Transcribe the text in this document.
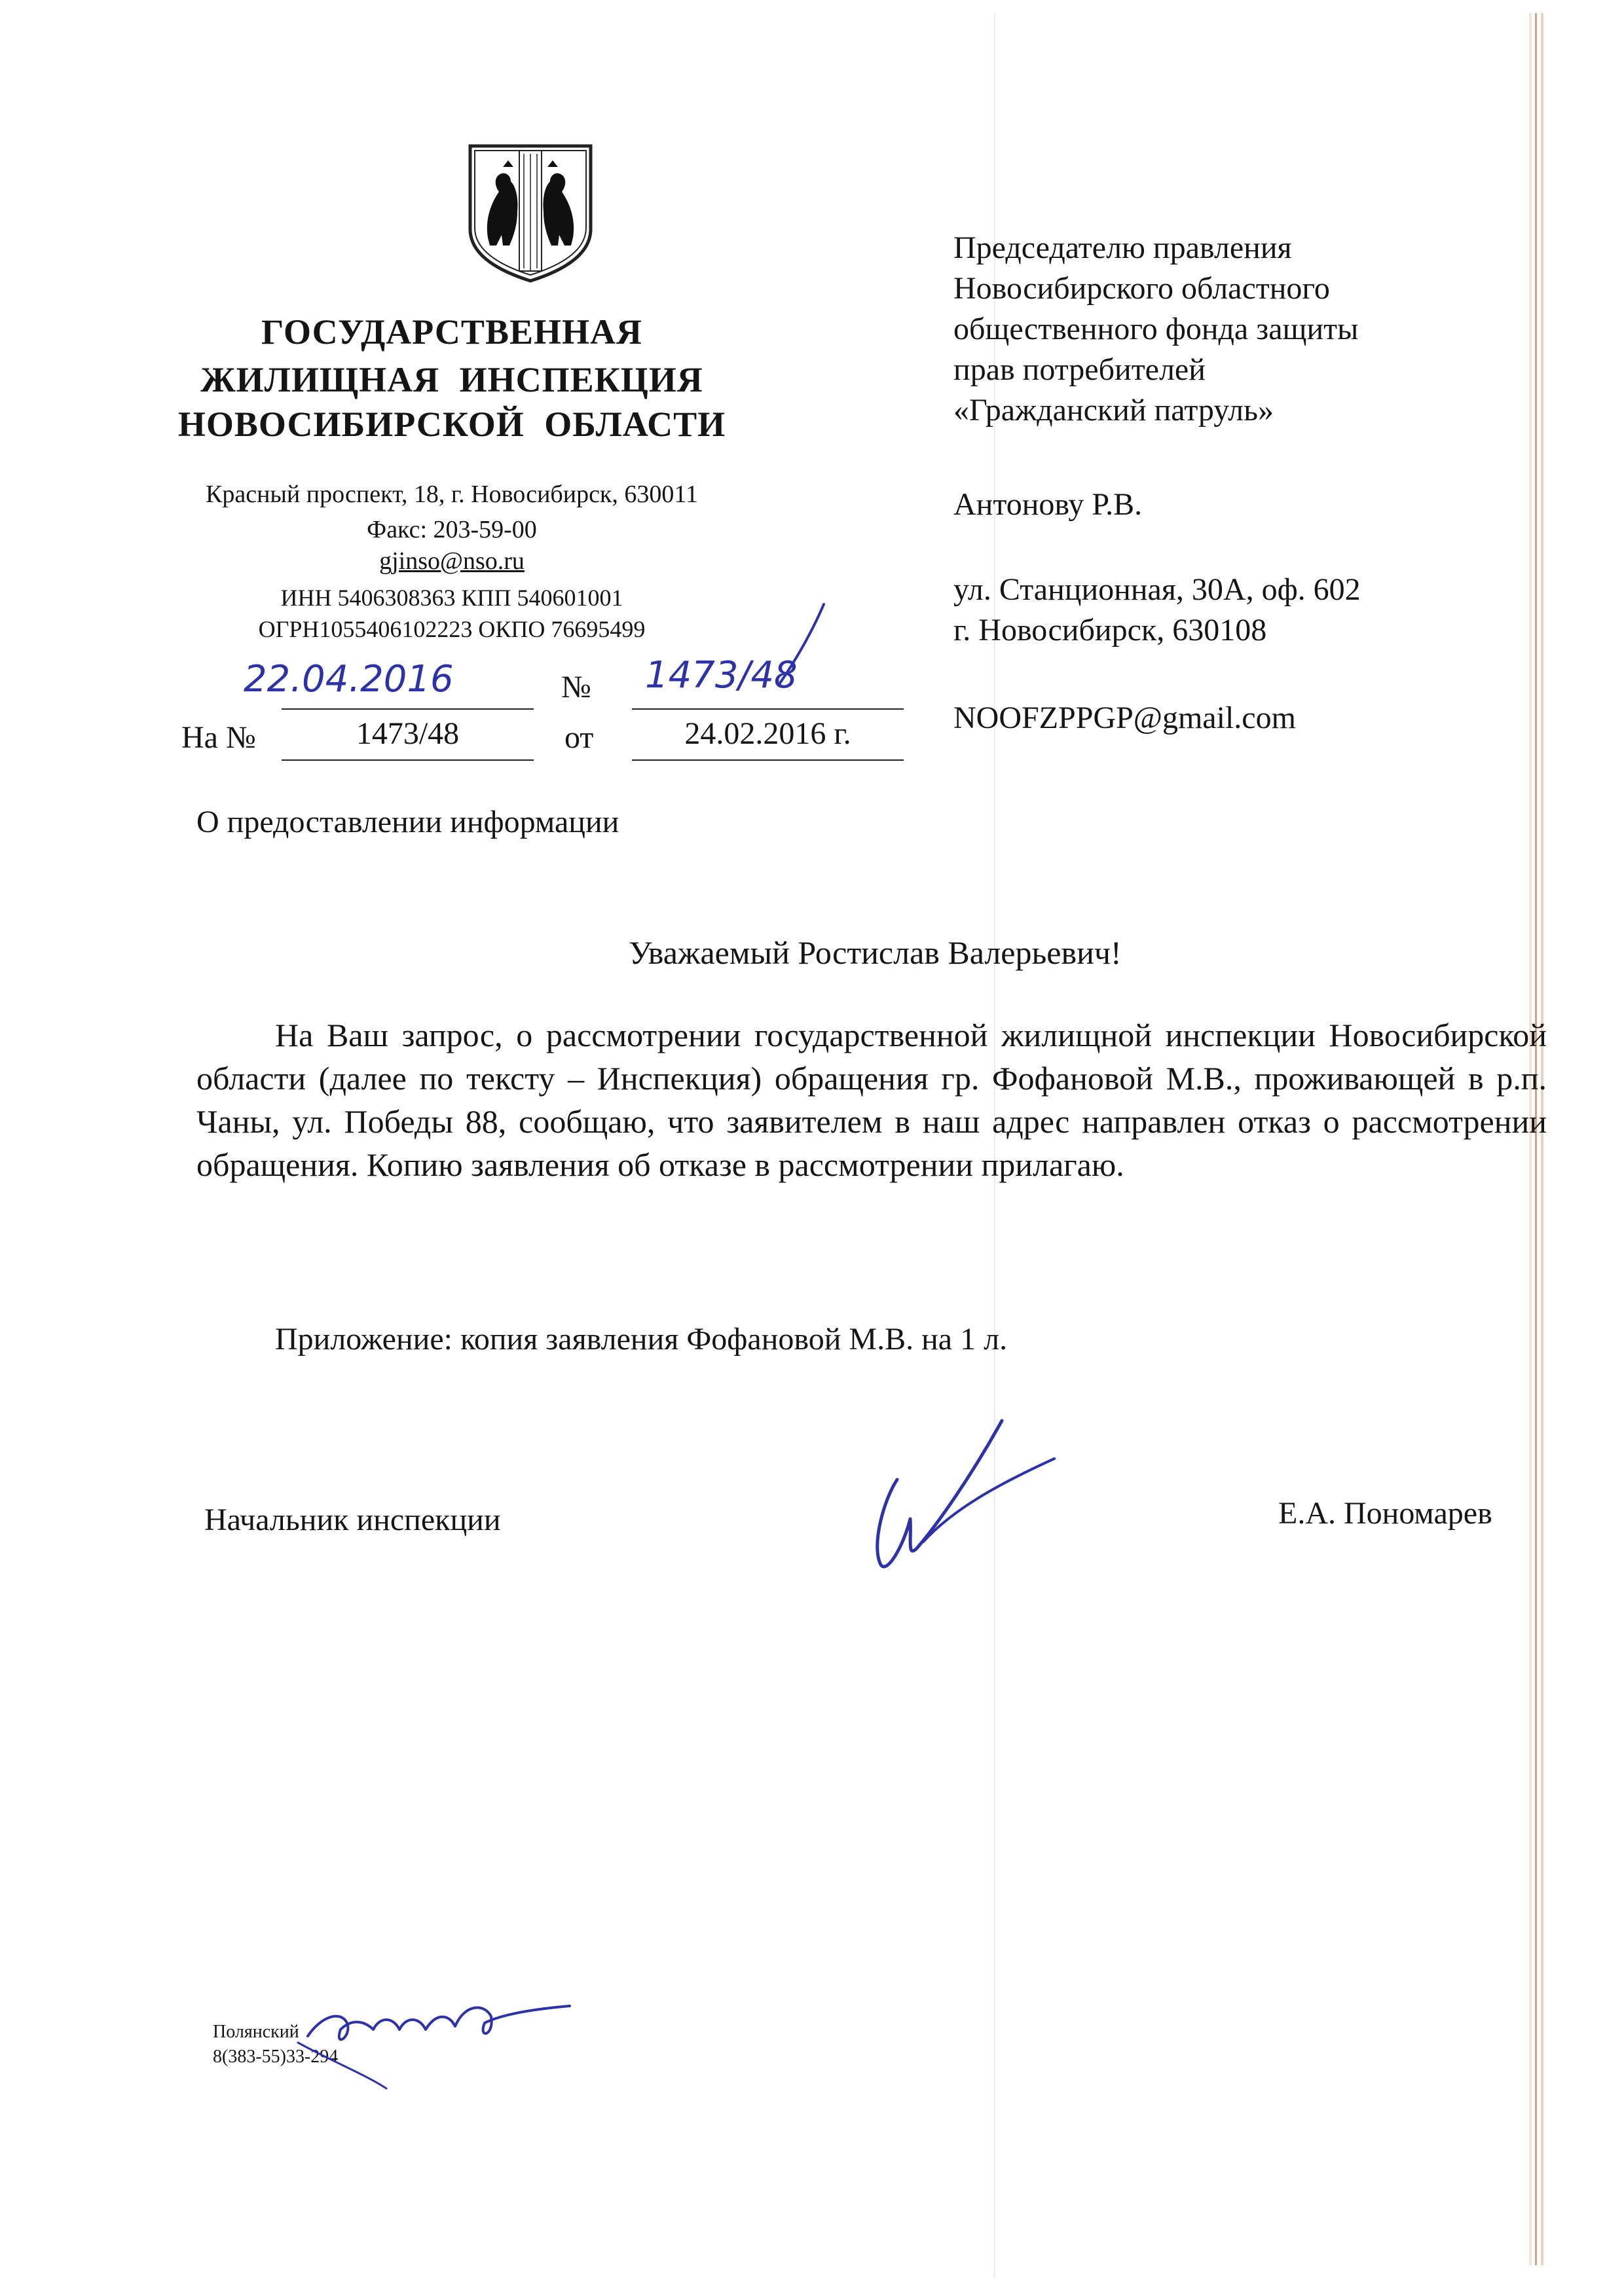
ГОСУДАРСТВЕННАЯ
ЖИЛИЩНАЯ ИНСПЕКЦИЯ
НОВОСИБИРСКОЙ ОБЛАСТИ
Красный проспект, 18, г. Новосибирск, 630011
Факс: 203-59-00
gjinso@nso.ru
ИНН 5406308363 КПП 540601001
ОГРН1055406102223 ОКПО 76695499
22.04.2016	№ 1473/48
На №	1473/48	от	24.02.2016 г.
Председателю правления
Новосибирского областного
общественного фонда защиты
прав потребителей
«Гражданский патруль»
Антонову Р.В.
ул. Станционная, 30А, оф. 602
г. Новосибирск, 630108
NOOFZPPGP@gmail.com
О предоставлении информации
Уважаемый Ростислав Валерьевич!
На Ваш запрос, о рассмотрении государственной жилищной инспекции Новосибирской области (далее по тексту – Инспекция) обращения гр. Фофановой М.В., проживающей в р.п. Чаны, ул. Победы 88, сообщаю, что заявителем в наш адрес направлен отказ о рассмотрении обращения. Копию заявления об отказе в рассмотрении прилагаю.
Приложение: копия заявления Фофановой М.В. на 1 л.
Начальник инспекции	Е.А. Пономарев
Полянский
8(383-55)33-294
